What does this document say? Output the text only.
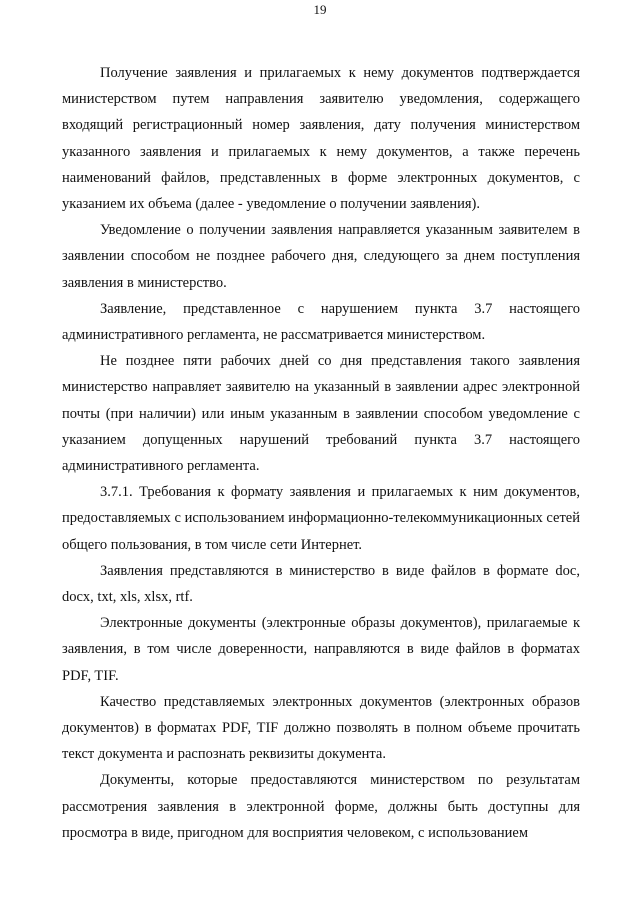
19

Получение заявления и прилагаемых к нему документов подтверждается министерством путем направления заявителю уведомления, содержащего входящий регистрационный номер заявления, дату получения министерством указанного заявления и прилагаемых к нему документов, а также перечень наименований файлов, представленных в форме электронных документов, с указанием их объема (далее - уведомление о получении заявления).

Уведомление о получении заявления направляется указанным заявителем в заявлении способом не позднее рабочего дня, следующего за днем поступления заявления в министерство.

Заявление, представленное с нарушением пункта 3.7 настоящего административного регламента, не рассматривается министерством.

Не позднее пяти рабочих дней со дня представления такого заявления министерство направляет заявителю на указанный в заявлении адрес электронной почты (при наличии) или иным указанным в заявлении способом уведомление с указанием допущенных нарушений требований пункта 3.7 настоящего административного регламента.

3.7.1. Требования к формату заявления и прилагаемых к ним документов, предоставляемых с использованием информационно-телекоммуникационных сетей общего пользования, в том числе сети Интернет.

Заявления представляются в министерство в виде файлов в формате doc, docx, txt, xls, xlsx, rtf.

Электронные документы (электронные образы документов), прилагаемые к заявления, в том числе доверенности, направляются в виде файлов в форматах PDF, TIF.

Качество представляемых электронных документов (электронных образов документов) в форматах PDF, TIF должно позволять в полном объеме прочитать текст документа и распознать реквизиты документа.

Документы, которые предоставляются министерством по результатам рассмотрения заявления в электронной форме, должны быть доступны для просмотра в виде, пригодном для восприятия человеком, с использованием
